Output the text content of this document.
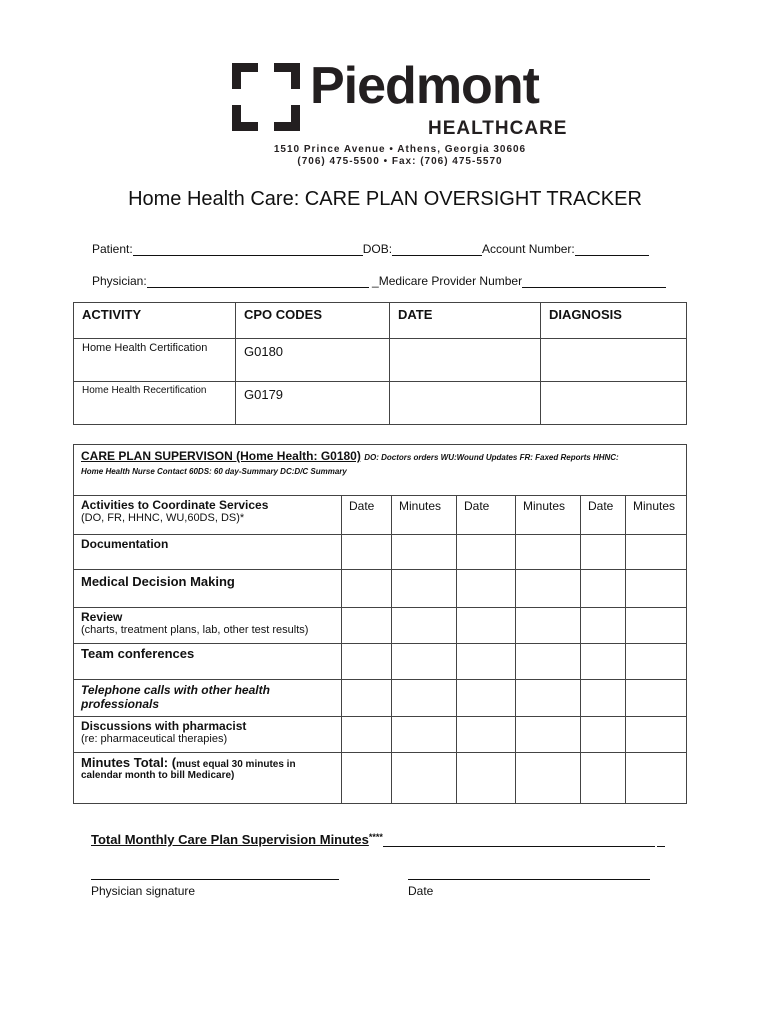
Piedmont
HEALTHCARE
1510 Prince Avenue • Athens, Georgia 30606
(706) 475-5500 • Fax: (706) 475-5570
Home Health Care: CARE PLAN OVERSIGHT TRACKER
Patient:	DOB:	Account Number:
Physician:	_Medicare Provider Number
ACTIVITY	CPO CODES	DATE	DIAGNOSIS
Home Health Certification	G0180		
Home Health Recertification	G0179		
CARE PLAN SUPERVISON (Home Health: G0180) DO: Doctors orders WU:Wound Updates FR: Faxed Reports HHNC:
Home Health Nurse Contact 60DS: 60 day-Summary DC:D/C Summary						

Activities to Coordinate Services
(DO, FR, HHNC, WU,60DS, DS)*	Date	Minutes	Date	Minutes	Date	Minutes
Documentation						
Medical Decision Making						

Review
(charts, treatment plans, lab, other test results)						

Team conferences						
Telephone calls with other health professionals						

Discussions with pharmacist
(re: pharmaceutical therapies)						

Minutes Total: (must equal 30 minutes in
calendar month to bill Medicare)						

Total Monthly Care Plan Supervision Minutes****
Physician signature	Date
